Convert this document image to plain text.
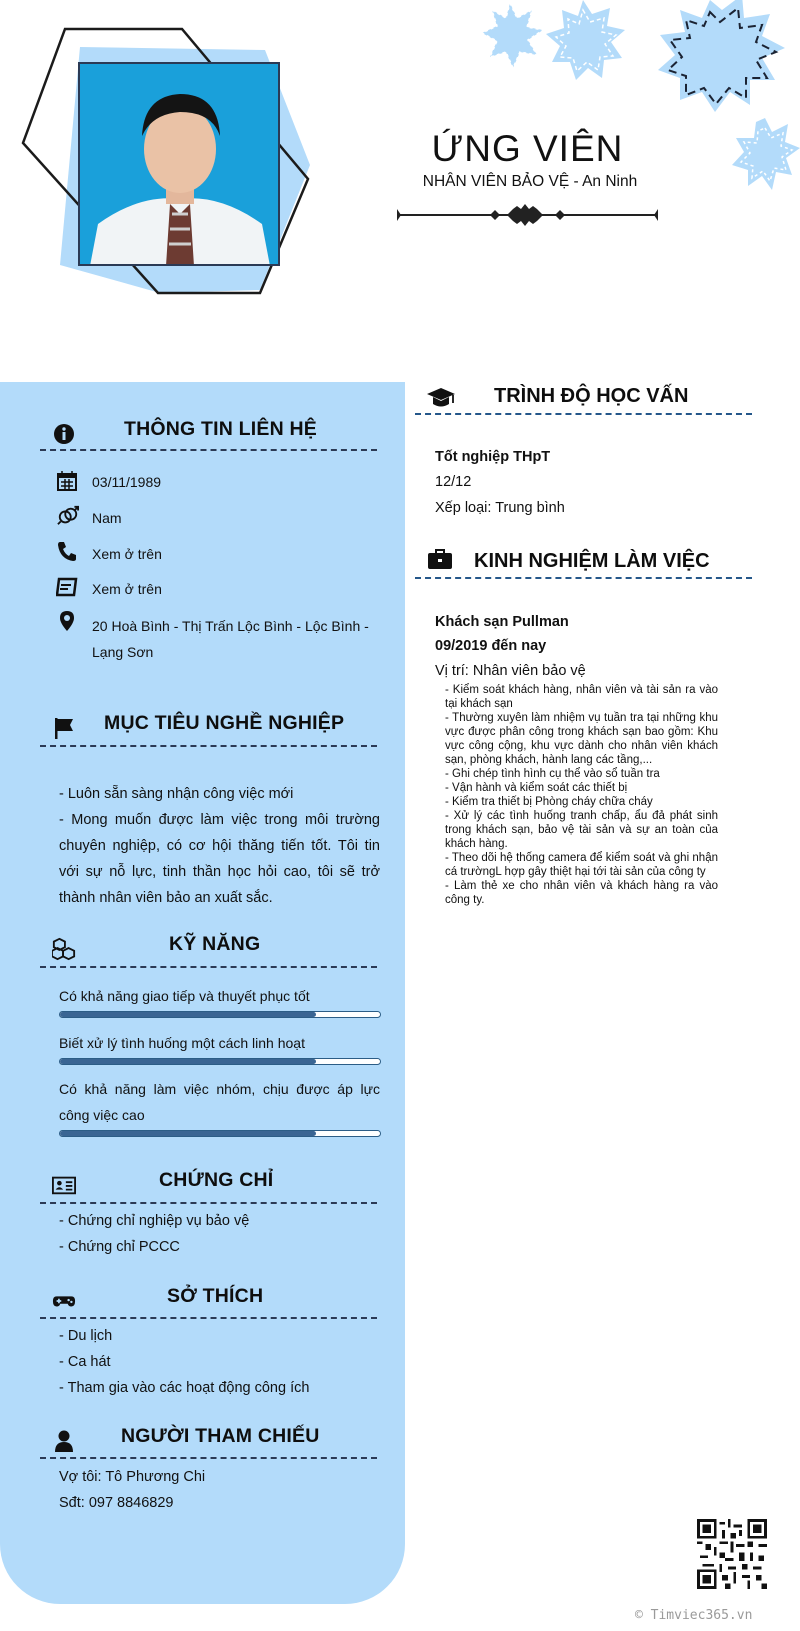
ỨNG VIÊN
NHÂN VIÊN BẢO VỆ - An Ninh
THÔNG TIN LIÊN HỆ
03/11/1989
Nam
Xem ở trên
Xem ở trên
20 Hoà Bình - Thị Trấn Lộc Bình - Lộc Bình - Lạng Sơn
MỤC TIÊU NGHỀ NGHIỆP
- Luôn sẵn sàng nhận công việc mới
- Mong muốn được làm việc trong môi trường chuyên nghiệp, có cơ hội thăng tiến tốt. Tôi tin với sự nỗ lực, tinh thần học hỏi cao, tôi sẽ trở thành nhân viên bảo an xuất sắc.
KỸ NĂNG
Có khả năng giao tiếp và thuyết phục tốt
Biết xử lý tình huống một cách linh hoạt
Có khả năng làm việc nhóm, chịu được áp lực công việc cao
CHỨNG CHỈ
- Chứng chỉ nghiệp vụ bảo vệ
- Chứng chỉ PCCC
SỞ THÍCH
- Du lịch
- Ca hát
- Tham gia vào các hoạt động công ích
NGƯỜI THAM CHIẾU
Vợ tôi: Tô Phương Chi
Sđt: 097 8846829
TRÌNH ĐỘ HỌC VẤN
Tốt nghiệp THpT
12/12
Xếp loại: Trung bình
KINH NGHIỆM LÀM VIỆC
Khách sạn Pullman
09/2019 đến nay
Vị trí: Nhân viên bảo vệ
- Kiểm soát khách hàng, nhân viên và tài sản ra vào tại khách sạn
- Thường xuyên làm nhiệm vụ tuần tra tại những khu vực được phân công trong khách sạn bao gồm: Khu vực công cộng, khu vực dành cho nhân viên khách sạn, phòng khách, hành lang các tầng,...
- Ghi chép tình hình cụ thể vào sổ tuần tra
- Vận hành và kiểm soát các thiết bị
- Kiểm tra thiết bị Phòng cháy chữa cháy
- Xử lý các tình huống tranh chấp, ẩu đả phát sinh trong khách sạn, bảo vệ tài sản và sự an toàn của khách hàng.
- Theo dõi hệ thống camera để kiểm soát và ghi nhận cá trườngL hợp gây thiệt hại tới tài sản của công ty
- Làm thẻ xe cho nhân viên và khách hàng ra vào công ty.
© Timviec365.vn
